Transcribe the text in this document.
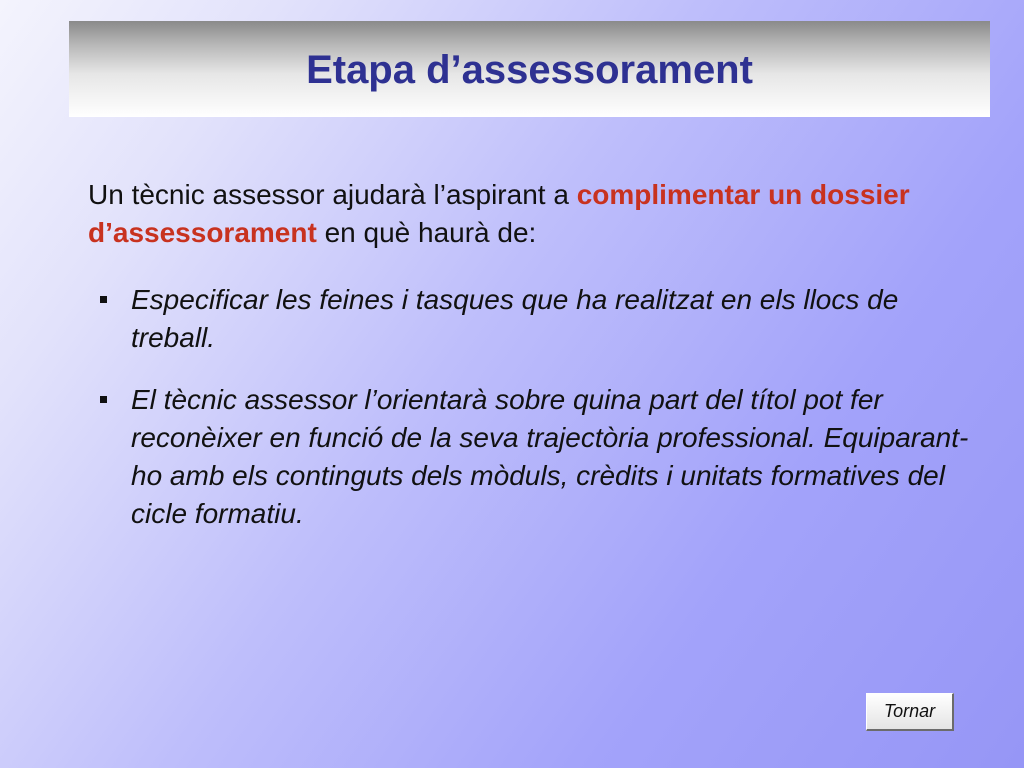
Etapa d’assessorament

Un tècnic assessor ajudarà l’aspirant a complimentar un dossier d’assessorament en què haurà de:

Especificar les feines i tasques que ha realitzat en els llocs de treball.
El tècnic assessor l’orientarà sobre quina part del títol pot fer reconèixer en funció de la seva trajectòria professional. Equiparant-ho amb els continguts dels mòduls, crèdits i unitats formatives del cicle formatiu.
Tornar
